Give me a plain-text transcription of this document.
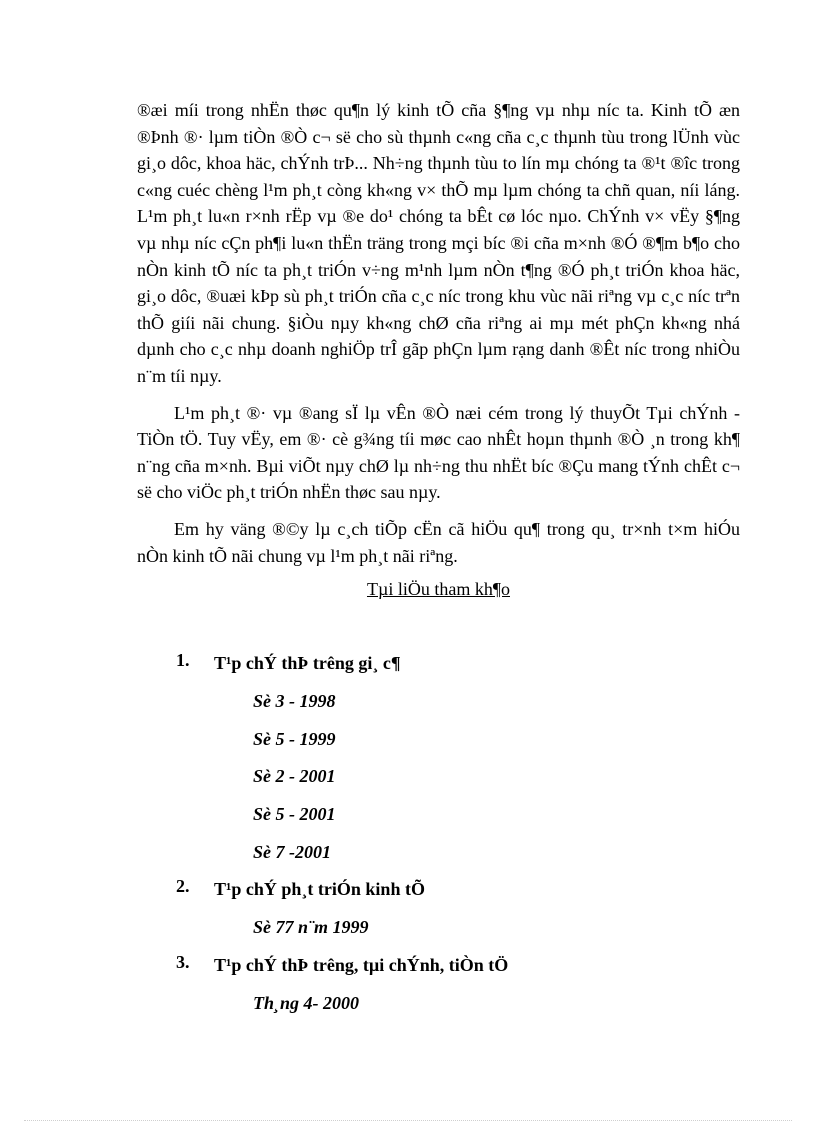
®æi míi trong nhËn thøc qu¶n lý kinh tÕ cña §¶ng vµ nhµ níc ta. Kinh tÕ æn ®Þnh ®· lµm tiÒn ®Ò c¬ së cho sù thµnh c«ng cña c¸c thµnh tùu trong lÜnh vùc gi¸o dôc, khoa häc, chÝnh trÞ... Nh÷ng thµnh tùu to lín mµ chóng ta ®¹t ®îc trong c«ng cuéc chèng l¹m ph¸t còng kh«ng v× thÕ mµ lµm chóng ta chñ quan, níi láng. L¹m ph¸t lu«n r×nh rËp vµ ®e do¹ chóng ta bÊt cø lóc nµo. ChÝnh v× vËy §¶ng vµ nhµ níc cÇn ph¶i lu«n thËn träng trong mçi bíc ®i cña m×nh ®Ó ®¶m b¶o cho nÒn kinh tÕ níc ta ph¸t triÓn v÷ng m¹nh lµm nÒn t¶ng ®Ó ph¸t triÓn khoa häc, gi¸o dôc, ®uæi kÞp sù ph¸t triÓn cña c¸c níc trong khu vùc nãi riªng vµ c¸c níc trªn thÕ giíi nãi chung. §iÒu nµy kh«ng chØ cña riªng ai mµ mét phÇn kh«ng nhá dµnh cho c¸c nhµ doanh nghiÖp trÎ gãp phÇn lµm rạng danh ®Êt níc trong nhiÒu n¨m tíi nµy.

L¹m ph¸t ®· vµ ®ang sÏ lµ vÊn ®Ò næi cém trong lý thuyÕt Tµi chÝnh - TiÒn tÖ. Tuy vËy, em ®· cè g¾ng tíi møc cao nhÊt hoµn thµnh ®Ò ¸n trong kh¶ n¨ng cña m×nh. Bµi viÕt nµy chØ lµ nh÷ng thu nhËt bíc ®Çu mang tÝnh chÊt c¬ së cho viÖc ph¸t triÓn nhËn thøc sau nµy.

Em hy väng ®©y lµ c¸ch tiÕp cËn cã hiÖu qu¶ trong qu¸ tr×nh t×m hiÓu nÒn kinh tÕ nãi chung vµ l¹m ph¸t nãi riªng.

Tµi liÖu tham kh¶o
1.	T¹p chÝ thÞ trêng gi¸ c¶
Sè 3 - 1998
Sè 5 - 1999
Sè 2 - 2001
Sè 5 - 2001
Sè 7 -2001
2.	T¹p chÝ ph¸t triÓn kinh tÕ
Sè 77 n¨m 1999
3.	T¹p chÝ thÞ trêng, tµi chÝnh, tiÒn tÖ
Th¸ng 4- 2000
